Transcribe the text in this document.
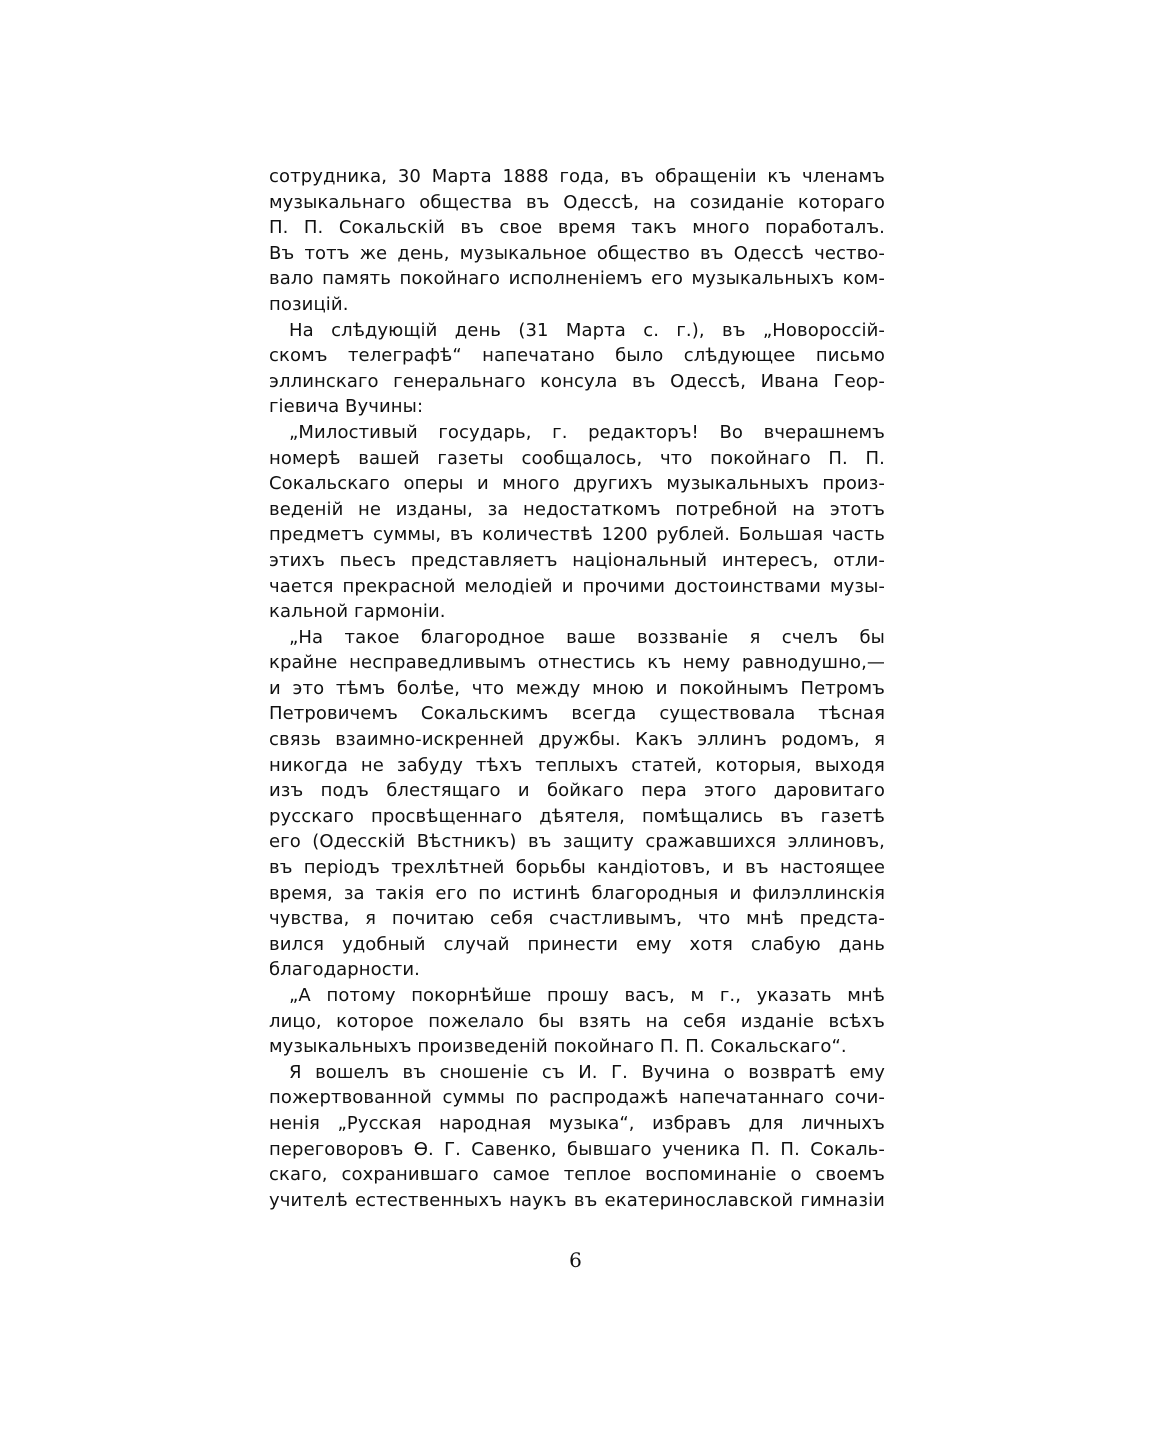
сотрудника, 30 Марта 1888 года, въ обращеніи къ членамъ
музыкальнаго общества въ Одессѣ, на созиданіе котораго
П. П. Сокальскій въ свое время такъ много поработалъ.
Въ тотъ же день, музыкальное общество въ Одессѣ чество-
вало память покойнаго исполненіемъ его музыкальныхъ ком-
позицій.
На слѣдующій день (31 Марта с. г.), въ „Новороссій-
скомъ телеграфѣ“ напечатано было слѣдующее письмо
эллинскаго генеральнаго консула въ Одессѣ, Ивана Геор-
гіевича Вучины:
„Милостивый государь, г. редакторъ! Во вчерашнемъ
номерѣ вашей газеты сообщалось, что покойнаго П. П.
Сокальскаго оперы и много другихъ музыкальныхъ произ-
веденій не изданы, за недостаткомъ потребной на этотъ
предметъ суммы, въ количествѣ 1200 рублей. Большая часть
этихъ пьесъ представляетъ національный интересъ, отли-
чается прекрасной мелодіей и прочими достоинствами музы-
кальной гармоніи.
„На такое благородное ваше воззваніе я счелъ бы
крайне несправедливымъ отнестись къ нему равнодушно,—
и это тѣмъ болѣе, что между мною и покойнымъ Петромъ
Петровичемъ Сокальскимъ всегда существовала тѣсная
связь взаимно-искренней дружбы. Какъ эллинъ родомъ, я
никогда не забуду тѣхъ теплыхъ статей, которыя, выходя
изъ подъ блестящаго и бойкаго пера этого даровитаго
русскаго просвѣщеннаго дѣятеля, помѣщались въ газетѣ
его (Одесскій Вѣстникъ) въ защиту сражавшихся эллиновъ,
въ періодъ трехлѣтней борьбы кандіотовъ, и въ настоящее
время, за такія его по истинѣ благородныя и филэллинскія
чувства, я почитаю себя счастливымъ, что мнѣ предста-
вился удобный случай принести ему хотя слабую дань
благодарности.
„А потому покорнѣйше прошу васъ, м г., указать мнѣ
лицо, которое пожелало бы взять на себя изданіе всѣхъ
музыкальныхъ произведеній покойнаго П. П. Сокальскаго“.
Я вошелъ въ сношеніе съ И. Г. Вучина о возвратѣ ему
пожертвованной суммы по распродажѣ напечатаннаго сочи-
ненія „Русская народная музыка“, избравъ для личныхъ
переговоровъ Ѳ. Г. Савенко, бывшаго ученика П. П. Сокаль-
скаго, сохранившаго самое теплое воспоминаніе о своемъ
учителѣ естественныхъ наукъ въ екатеринославской гимназіи
6
